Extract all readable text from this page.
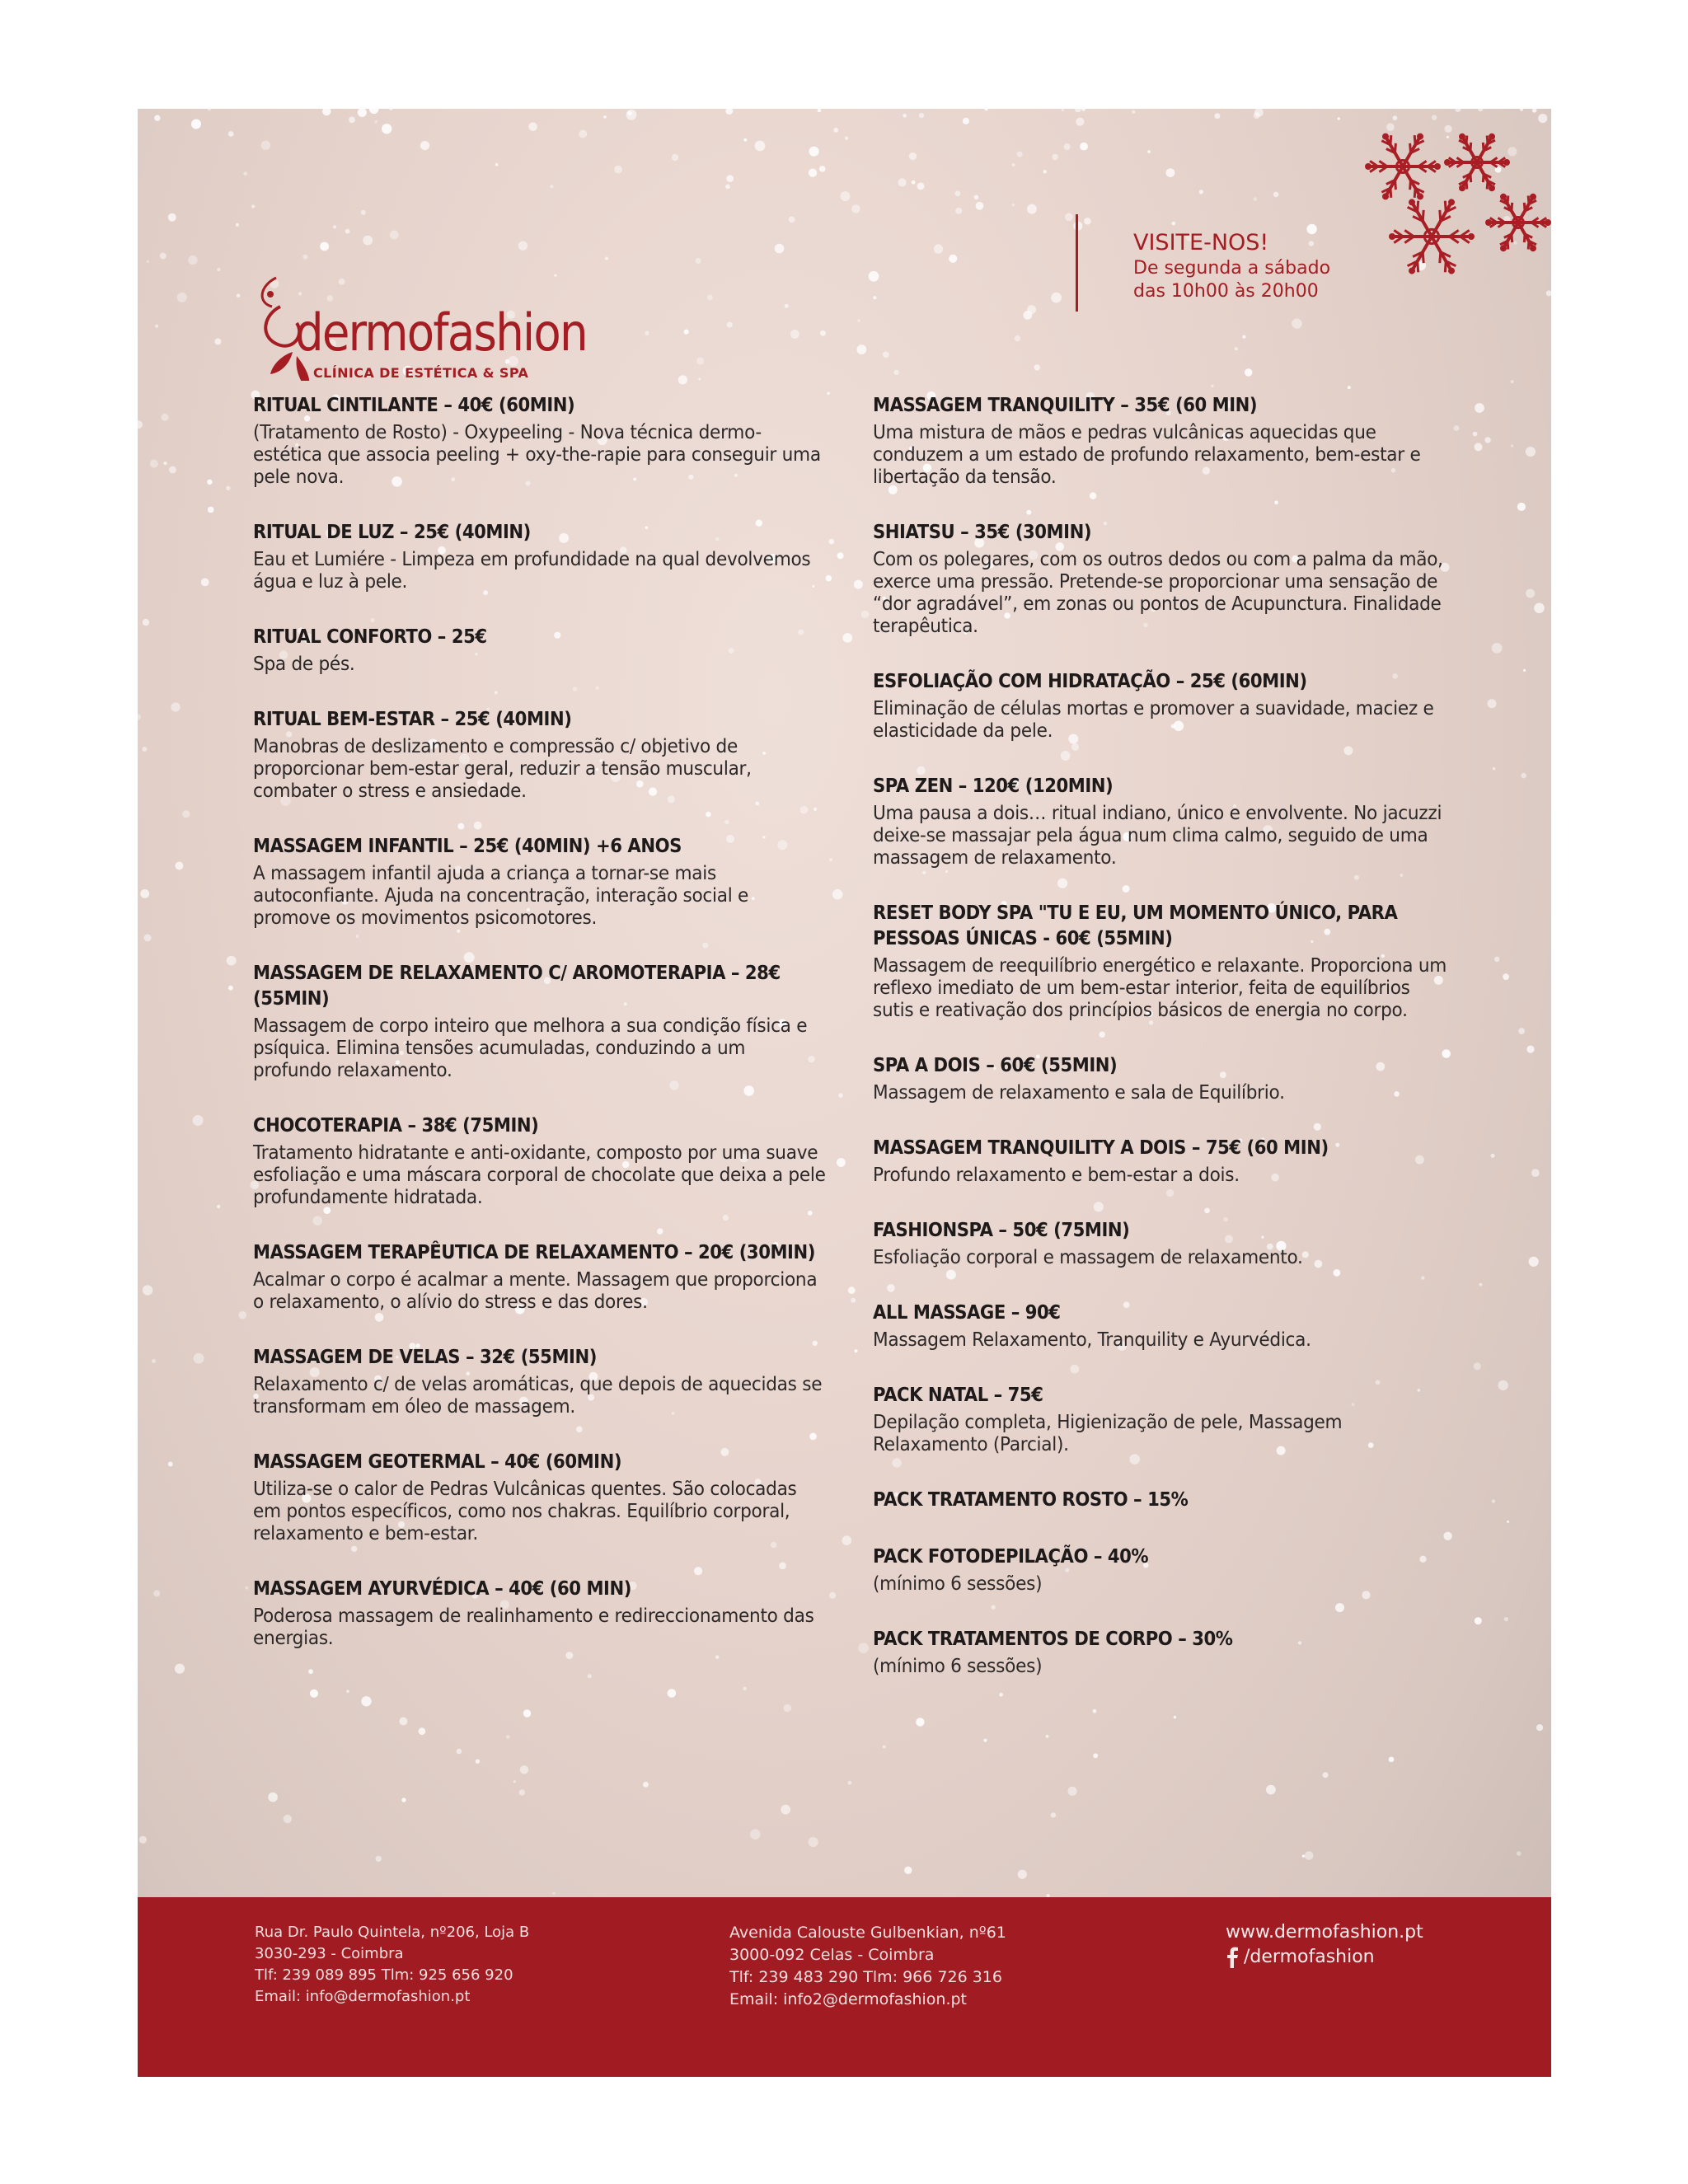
dermofashion
CLÍNICA DE ESTÉTICA & SPA
VISITE-NOS!
De segunda a sábado
das 10h00 às 20h00
RITUAL CINTILANTE – 40€ (60MIN)

(Tratamento de Rosto) - Oxypeeling - Nova técnica dermo-estética que associa peeling + oxy-the-rapie para conseguir uma pele nova.

RITUAL DE LUZ – 25€ (40MIN)

Eau et Lumiére - Limpeza em profundidade na qual devolvemos água e luz à pele.

RITUAL CONFORTO – 25€

Spa de pés.

RITUAL BEM-ESTAR – 25€ (40MIN)

Manobras de deslizamento e compressão c/ objetivo de proporcionar bem-estar geral, reduzir a tensão muscular, combater o stress e ansiedade.

MASSAGEM INFANTIL – 25€ (40MIN) +6 ANOS

A massagem infantil ajuda a criança a tornar-se mais autoconfiante. Ajuda na concentração, interação social e promove os movimentos psicomotores.

MASSAGEM DE RELAXAMENTO C/ AROMOTERAPIA – 28€ (55MIN)

Massagem de corpo inteiro que melhora a sua condição física e psíquica. Elimina tensões acumuladas, conduzindo a um profundo relaxamento.

CHOCOTERAPIA – 38€ (75MIN)

Tratamento hidratante e anti-oxidante, composto por uma suave esfoliação e uma máscara corporal de chocolate que deixa a pele profundamente hidratada.

MASSAGEM TERAPÊUTICA DE RELAXAMENTO – 20€ (30MIN)

Acalmar o corpo é acalmar a mente. Massagem que proporciona o relaxamento, o alívio do stress e das dores.

MASSAGEM DE VELAS – 32€ (55MIN)

Relaxamento c/ de velas aromáticas, que depois de aquecidas se transformam em óleo de massagem.

MASSAGEM GEOTERMAL – 40€ (60MIN)

Utiliza-se o calor de Pedras Vulcânicas quentes. São colocadas em pontos específicos, como nos chakras. Equilíbrio corporal, relaxamento e bem-estar.

MASSAGEM AYURVÉDICA – 40€ (60 MIN)

Poderosa massagem de realinhamento e redireccionamento das energias.

MASSAGEM TRANQUILITY – 35€ (60 MIN)

Uma mistura de mãos e pedras vulcânicas aquecidas que conduzem a um estado de profundo relaxamento, bem-estar e libertação da tensão.

SHIATSU – 35€ (30MIN)

Com os polegares, com os outros dedos ou com a palma da mão, exerce uma pressão. Pretende-se proporcionar uma sensação de “dor agradável”, em zonas ou pontos de Acupunctura. Finalidade terapêutica.

ESFOLIAÇÃO COM HIDRATAÇÃO – 25€ (60MIN)

Eliminação de células mortas e promover a suavidade, maciez e elasticidade da pele.

SPA ZEN – 120€ (120MIN)

Uma pausa a dois… ritual indiano, único e envolvente. No jacuzzi deixe-se massajar pela água num clima calmo, seguido de uma massagem de relaxamento.

RESET BODY SPA "TU E EU, UM MOMENTO ÚNICO, PARA PESSOAS ÚNICAS - 60€ (55MIN)

Massagem de reequilíbrio energético e relaxante. Proporciona um reflexo imediato de um bem-estar interior, feita de equilíbrios sutis e reativação dos princípios básicos de energia no corpo.

SPA A DOIS – 60€ (55MIN)

Massagem de relaxamento e sala de Equilíbrio.

MASSAGEM TRANQUILITY A DOIS – 75€ (60 MIN)

Profundo relaxamento e bem-estar a dois.

FASHIONSPA – 50€ (75MIN)

Esfoliação corporal e massagem de relaxamento.

ALL MASSAGE – 90€

Massagem Relaxamento, Tranquility e Ayurvédica.

PACK NATAL – 75€

Depilação completa, Higienização de pele, Massagem Relaxamento (Parcial).

PACK TRATAMENTO ROSTO – 15%
PACK FOTODEPILAÇÃO – 40%

(mínimo 6 sessões)

PACK TRATAMENTOS DE CORPO – 30%

(mínimo 6 sessões)

Rua Dr. Paulo Quintela, nº206, Loja B
3030-293 - Coimbra
Tlf: 239 089 895 Tlm: 925 656 920
Email: info@dermofashion.pt
Avenida Calouste Gulbenkian, nº61
3000-092 Celas - Coimbra
Tlf: 239 483 290 Tlm: 966 726 316
Email: info2@dermofashion.pt
www.dermofashion.pt
/dermofashion
